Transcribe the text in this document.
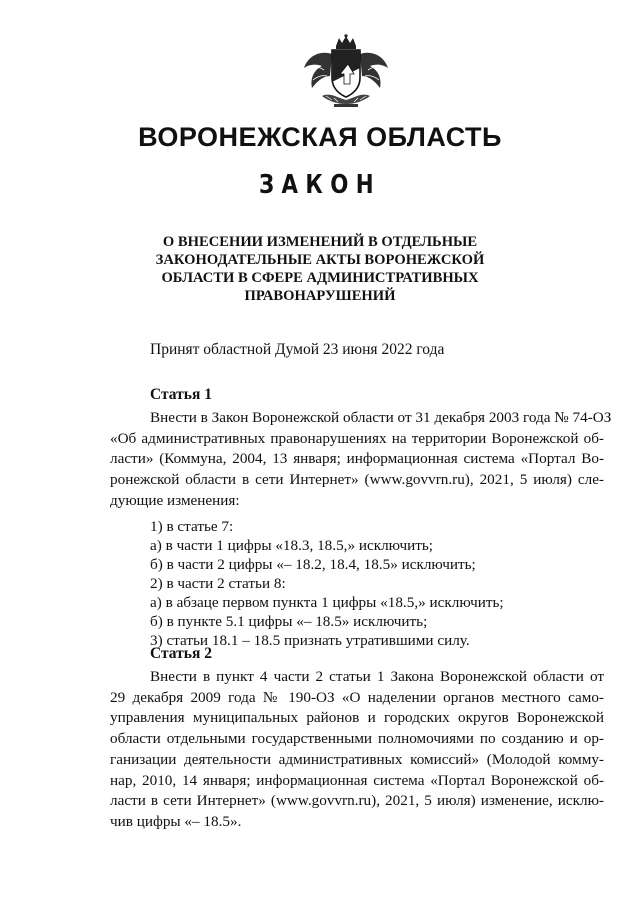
ВОРОНЕЖСКАЯ ОБЛАСТЬ
ЗАКОН
О ВНЕСЕНИИ ИЗМЕНЕНИЙ В ОТДЕЛЬНЫЕ
ЗАКОНОДАТЕЛЬНЫЕ АКТЫ ВОРОНЕЖСКОЙ
ОБЛАСТИ В СФЕРЕ АДМИНИСТРАТИВНЫХ
ПРАВОНАРУШЕНИЙ

Принят областной Думой 23 июня 2022 года

Статья 1

Внести в Закон Воронежской области от 31 декабря 2003 года № 74-ОЗ
«Об административных правонарушениях на территории Воронежской об-
ласти» (Коммуна, 2004, 13 января; информационная система «Портал Во-
ронежской области в сети Интернет» (www.govvrn.ru), 2021, 5 июля) сле-
дующие изменения:
1) в статье 7:
а) в части 1 цифры «18.3, 18.5,» исключить;
б) в части 2 цифры «– 18.2, 18.4, 18.5» исключить;
2) в части 2 статьи 8:
а) в абзаце первом пункта 1 цифры «18.5,» исключить;
б) в пункте 5.1 цифры «– 18.5» исключить;
3) статьи 18.1 – 18.5 признать утратившими силу.

Статья 2

Внести в пункт 4 части 2 статьи 1 Закона Воронежской области от
29 декабря 2009 года № 190-ОЗ «О наделении органов местного само-
управления муниципальных районов и городских округов Воронежской
области отдельными государственными полномочиями по созданию и ор-
ганизации деятельности административных комиссий» (Молодой комму-
нар, 2010, 14 января; информационная система «Портал Воронежской об-
ласти в сети Интернет» (www.govvrn.ru), 2021, 5 июля) изменение, исклю-
чив цифры «– 18.5».
